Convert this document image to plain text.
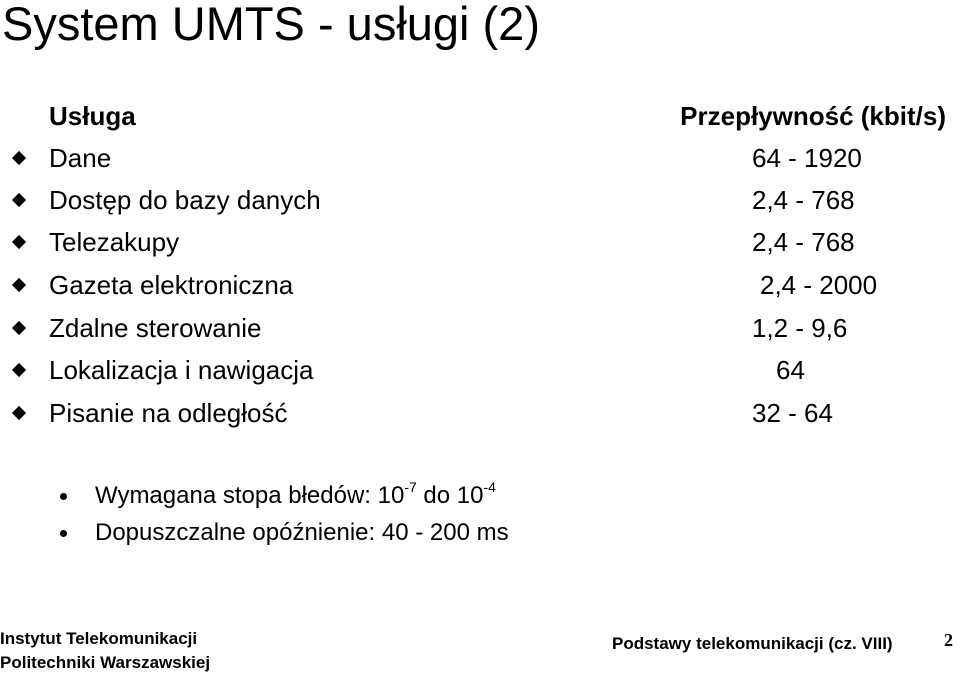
System UMTS - usługi (2)
Usługa	Przepływność (kbit/s)
Dane	64 - 1920
Dostęp do bazy danych	2,4 - 768
Telezakupy	2,4 - 768
Gazeta elektroniczna	2,4 - 2000
Zdalne sterowanie	1,2 - 9,6
Lokalizacja i nawigacja	64
Pisanie na odległość	32 - 64
Wymagana stopa błedów: $10^{-7}$ do $10^{-4}$
Dopuszczalne opóźnienie: 40 - 200 ms
Instytut Telekomunikacji
Politechniki Warszawskiej
Podstawy telekomunikacji (cz. VIII)	2
